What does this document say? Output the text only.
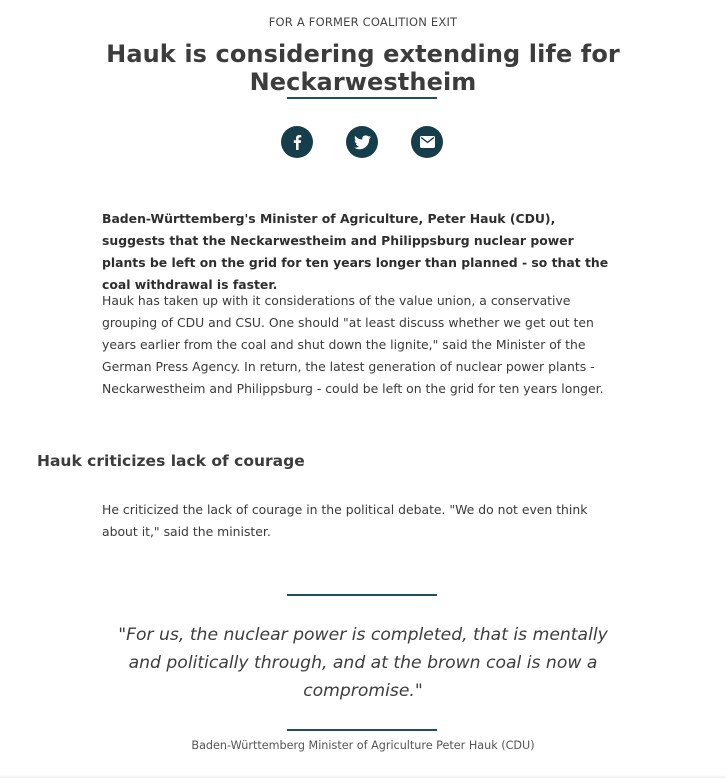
FOR A FORMER COALITION EXIT
Hauk is considering extending life for Neckarwestheim

Baden-Württemberg's Minister of Agriculture, Peter Hauk (CDU), suggests that the Neckarwestheim and Philippsburg nuclear power plants be left on the grid for ten years longer than planned - so that the coal withdrawal is faster.

Hauk has taken up with it considerations of the value union, a conservative grouping of CDU and CSU. One should "at least discuss whether we get out ten years earlier from the coal and shut down the lignite," said the Minister of the German Press Agency. In return, the latest generation of nuclear power plants - Neckarwestheim and Philippsburg - could be left on the grid for ten years longer.

Hauk criticizes lack of courage

He criticized the lack of courage in the political debate. "We do not even think about it," said the minister.

"For us, the nuclear power is completed, that is mentally and politically through, and at the brown coal is now a compromise."
Baden-Württemberg Minister of Agriculture Peter Hauk (CDU)
